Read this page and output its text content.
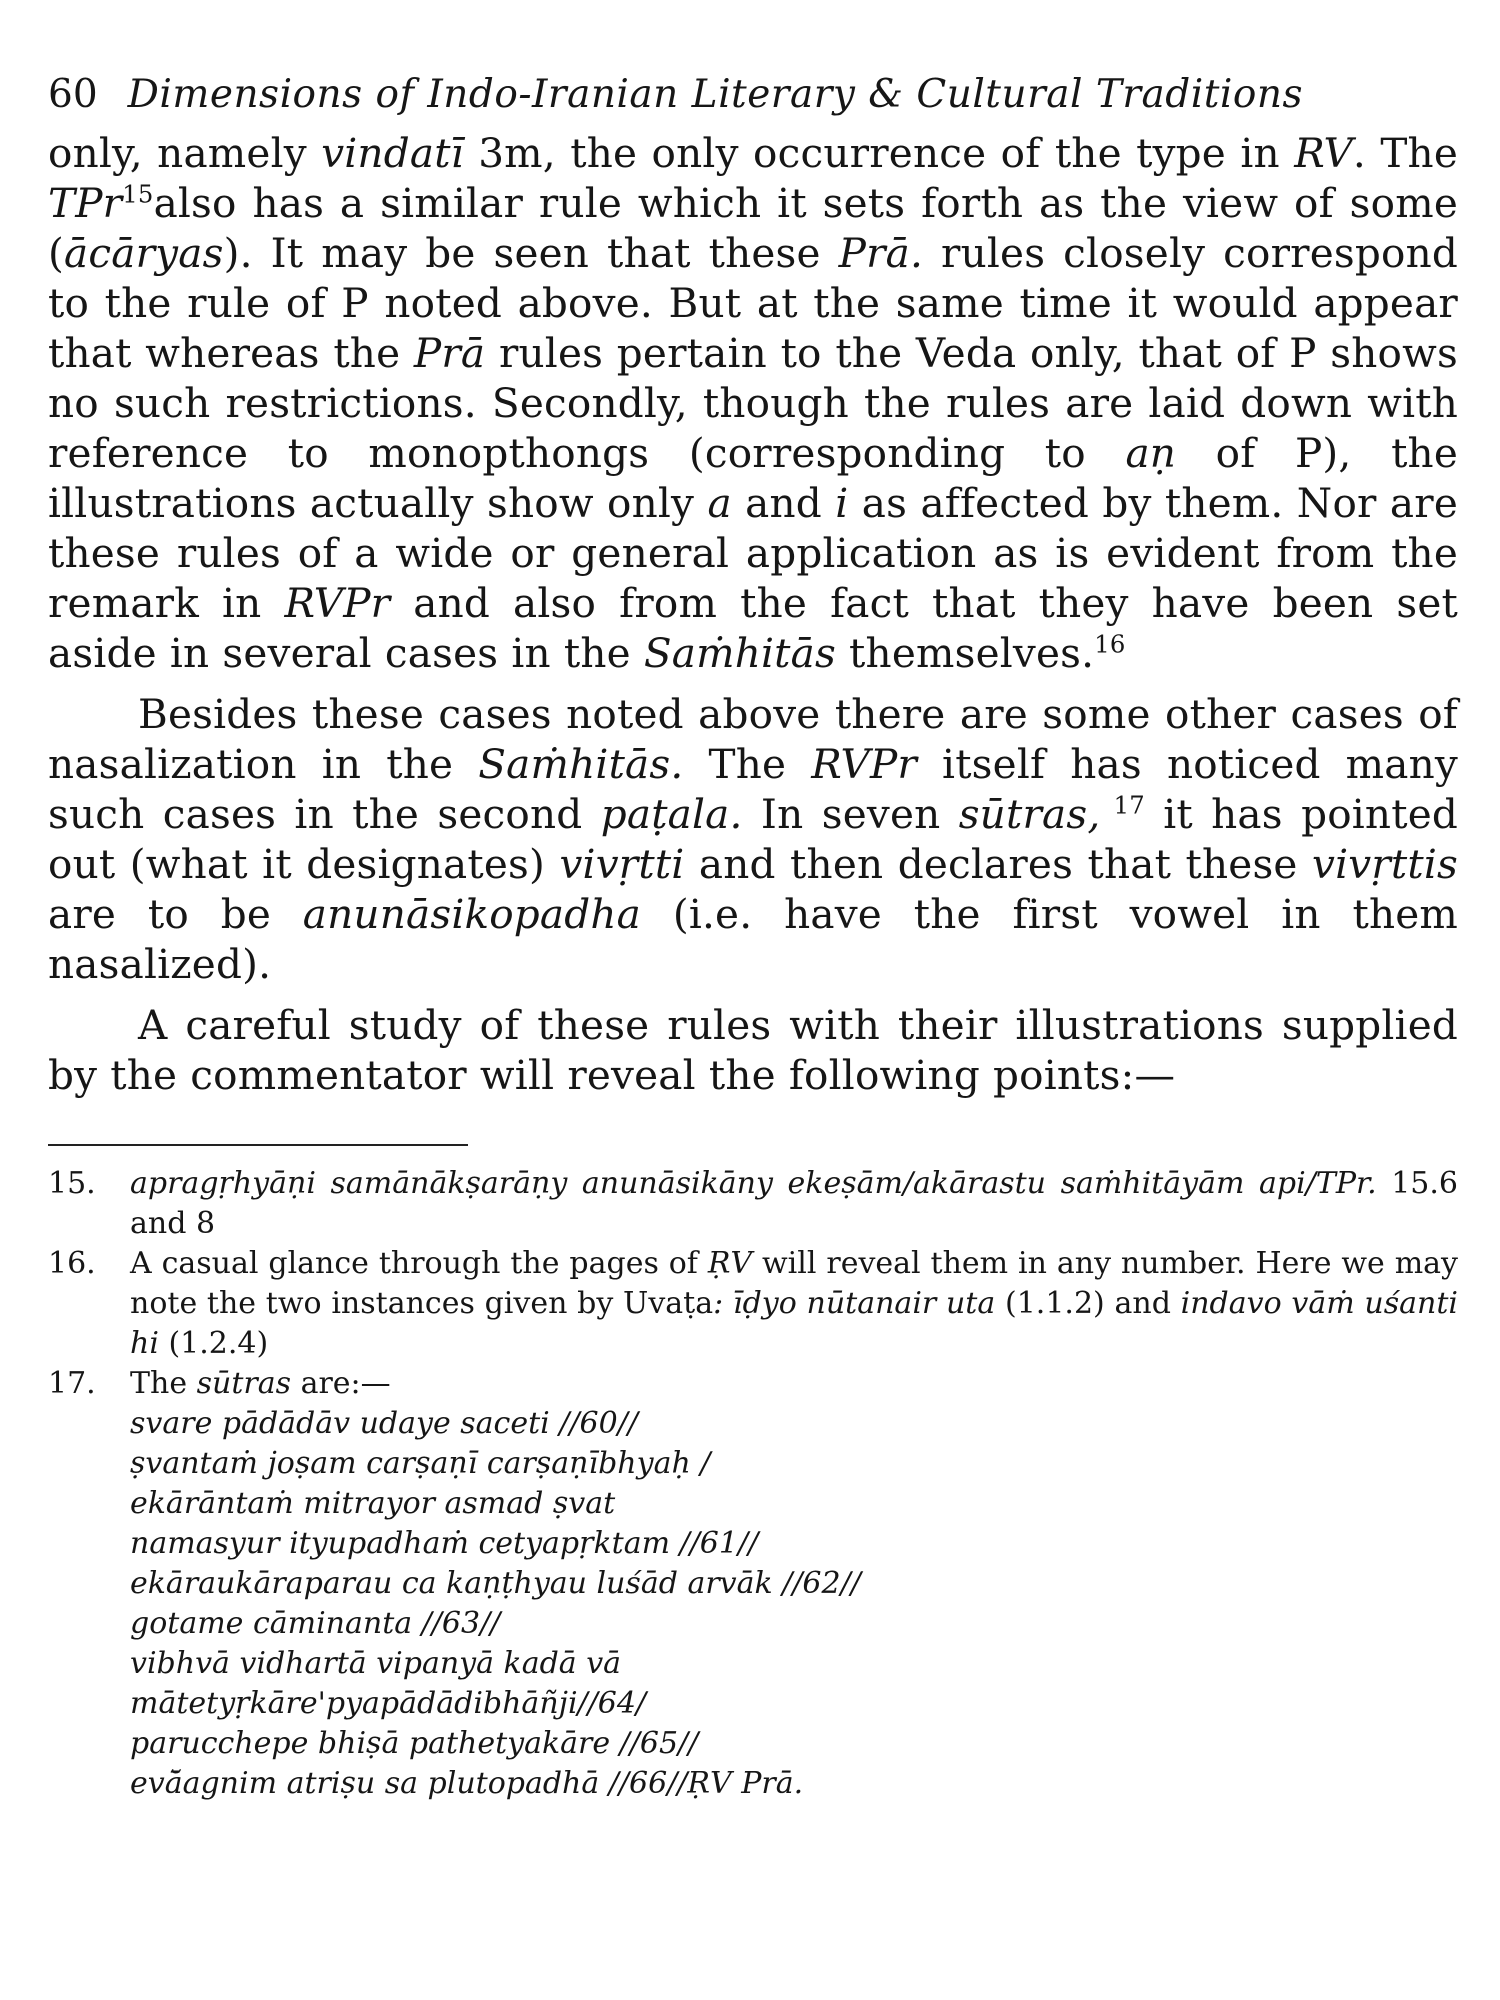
60 Dimensions of Indo-Iranian Literary & Cultural Traditions

only, namely vindatī 3m, the only occurrence of the type in RV. The TPr$^{15}$also has a similar rule which it sets forth as the view of some (ācāryas). It may be seen that these Prā. rules closely correspond to the rule of P noted above. But at the same time it would appear that whereas the Prā rules pertain to the Veda only, that of P shows no such restrictions. Secondly, though the rules are laid down with reference to monopthongs (corresponding to aṇ of P), the illustrations actually show only a and i as affected by them. Nor are these rules of a wide or general application as is evident from the remark in RVPr and also from the fact that they have been set aside in several cases in the Saṁhitās themselves.$^{16}$

Besides these cases noted above there are some other cases of nasalization in the Saṁhitās. The RVPr itself has noticed many such cases in the second paṭala. In seven sūtras, $^{17}$ it has pointed out (what it designates) vivṛtti and then declares that these vivṛttis are to be anunāsikopadha (i.e. have the first vowel in them nasalized).

A careful study of these rules with their illustrations supplied by the commentator will reveal the following points:—

15.	apragṛhyāṇi samānākṣarāṇy anunāsikāny ekeṣām/akārastu saṁhitāyām api/TPr. 15.6 and 8
16.	A casual glance through the pages of ṚV will reveal them in any number. Here we may note the two instances given by Uvaṭa: īḍyo nūtanair uta (1.1.2) and indavo vāṁ uśanti hi (1.2.4)
17.	The sūtras are:—
svare pādādāv udaye saceti //60//
ṣvantaṁ joṣam carṣaṇī carṣaṇībhyaḥ /
ekārāntaṁ mitrayor asmad ṣvat
namasyur ityupadhaṁ cetyapṛktam //61//
ekāraukāraparau ca kaṇṭhyau luśād arvāk //62//
gotame cāminanta //63//
vibhvā vidhartā vipanyā kadā vā
mātetyṛkāre'pyapādādibhāñji//64/
parucchepe bhiṣā pathetyakāre //65//
evā̆agnim atriṣu sa plutopadhā //66//ṚV Prā.
